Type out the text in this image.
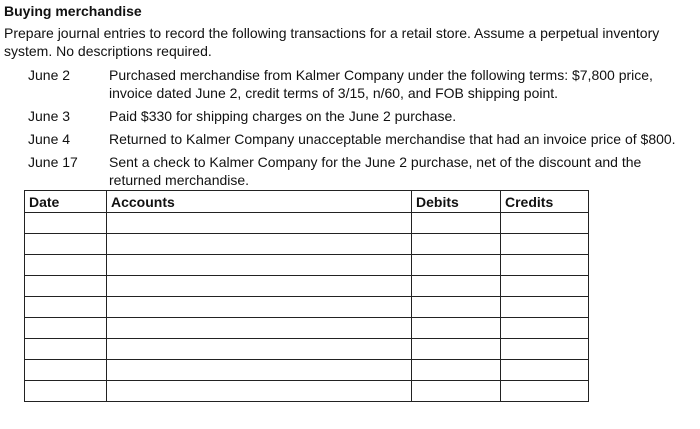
Buying merchandise
Prepare journal entries to record the following transactions for a retail store. Assume a perpetual inventory system. No descriptions required.
June 2	Purchased merchandise from Kalmer Company under the following terms: $7,800 price, invoice dated June 2, credit terms of 3/15, n/60, and FOB shipping point.
June 3	Paid $330 for shipping charges on the June 2 purchase.
June 4	Returned to Kalmer Company unacceptable merchandise that had an invoice price of $800.
June 17	Sent a check to Kalmer Company for the June 2 purchase, net of the discount and the returned merchandise.
Date	Accounts	Debits	Credits
